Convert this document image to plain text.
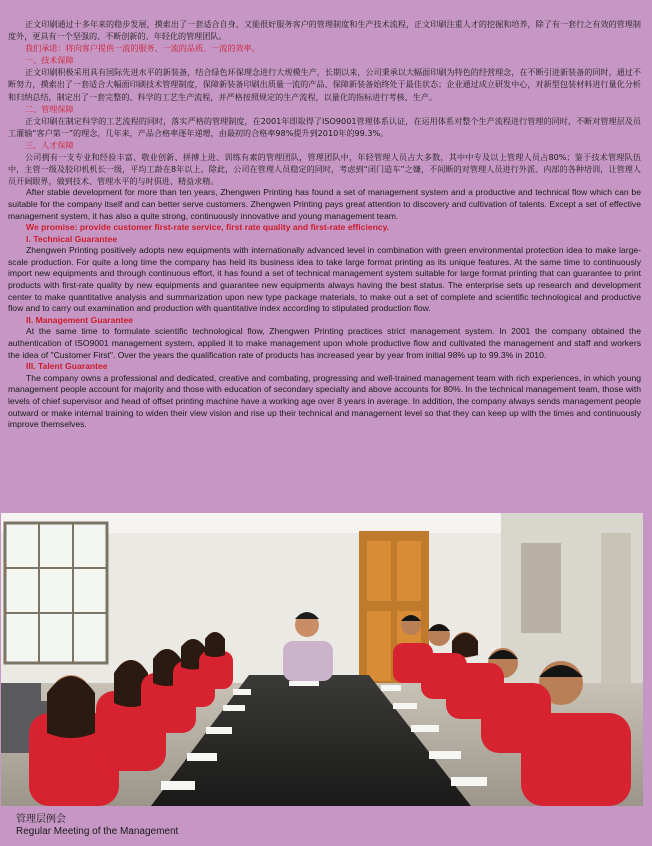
正文印刷通过十多年来的稳步发展，摸索出了一套适合自身、又能很好服务客户的管理制度和生产技术流程，正文印刷注重人才的挖掘和培养，除了有一套行之有效的管理制度外，更具有一个坚强的、不断创新的、年轻化的管理团队。

我们承诺：将向客户提供一流的服务、一流的品质、一流的效率。

一、技术保障

正文印刷积极采用具有国际先进水平的新装备，结合绿色环保理念进行大规模生产，长期以来，公司秉承以大幅面印刷为特色的经营理念，在不断引进新装备的同时，通过不断努力，摸索出了一套适合大幅面印刷技术管理制度，保障新装备印刷出质量一流的产品、保障新装备始终处于最佳状态；企业通过成立研发中心，对新型包装材料进行量化分析和归纳总结，制定出了一套完整的、科学的工艺生产流程，并严格按照规定的生产流程，以量化的指标进行考核、生产。

二、管理保障

正文印刷在制定科学的工艺流程的同时，落实严格的管理制度，在2001年即取得了ISO9001管理体系认证，在运用体系对整个生产流程进行管理的同时，不断对管理层及员工灌输“客户第一”的理念，几年来，产品合格率逐年递增，由最初的合格率98%提升到2010年的99.3%。

三、人才保障

公司拥有一支专业和经验丰富、敬业创新、拼搏上进、训练有素的管理团队，管理团队中，年轻管理人员占大多数，其中中专及以上管理人员占80%；鉴于技术管理队伍中，主管一级及胶印机机长一级，平均工龄在8年以上。除此，公司在管理人员稳定的同时，考虑到“闭门造车”之嫌，不间断的对管理人员进行外派、内部的各种培训，让管理人员开阔眼界，做到技术、管理水平的与时俱进、精益求精。

After stable development for more than ten years, Zhengwen Printing has found a set of management system and a productive and technical flow which can be suitable for the company itself and can better serve customers. Zhengwen Printing pays great attention to discovery and cultivation of talents. Except a set of effective management system, it has also a quite strong, continuously innovative and young management team.

We promise: provide customer first-rate service, first rate quality and first-rate efficiency.

I. Technical Guarantee

Zhengwen Printing positively adopts new equipments with internationally advanced level in combination with green environmental protection idea to make large-scale production. For quite a long time the company has held its business idea to take large format printing as its unique features. At the same time to continuously import new equipments and through continuous effort, it has found a set of technical management system suitable for large format printing that can guarantee to print products with first-rate quality by new equipments and guarantee new equipments always having the best status. The enterprise sets up research and development center to make quantitative analysis and summarization upon new type package materials, to make out a set of complete and scientific technological and productive flow and to carry out examination and production with quantitative index according to stipulated production flow.

II. Management Guarantee

At the same time to formulate scientific technological flow, Zhengwen Printing practices strict management system. In 2001 the company obtained the authentication of ISO9001 management system, applied it to make management upon whole productive flow and cultivated the management and staff and workers the idea of "Customer First". Over the years the qualification rate of products has increased year by year from initial 98% up to 99.3% in 2010.

III. Talent Guarantee

The company owns a professional and dedicated, creative and combating, progressing and well-trained management team with rich experiences, in which young management people account for majority and those with education of secondary specialty and above accounts for 80%. In the technical management team, those with levels of chief supervisor and head of offset printing machine have a working age over 8 years in average. In addition, the company always sends management people outward or make internal training to widen their view vision and rise up their technical and management level so that they can keep up with the times and continuously improve themselves.

管理层例会
Regular Meeting of the Management
